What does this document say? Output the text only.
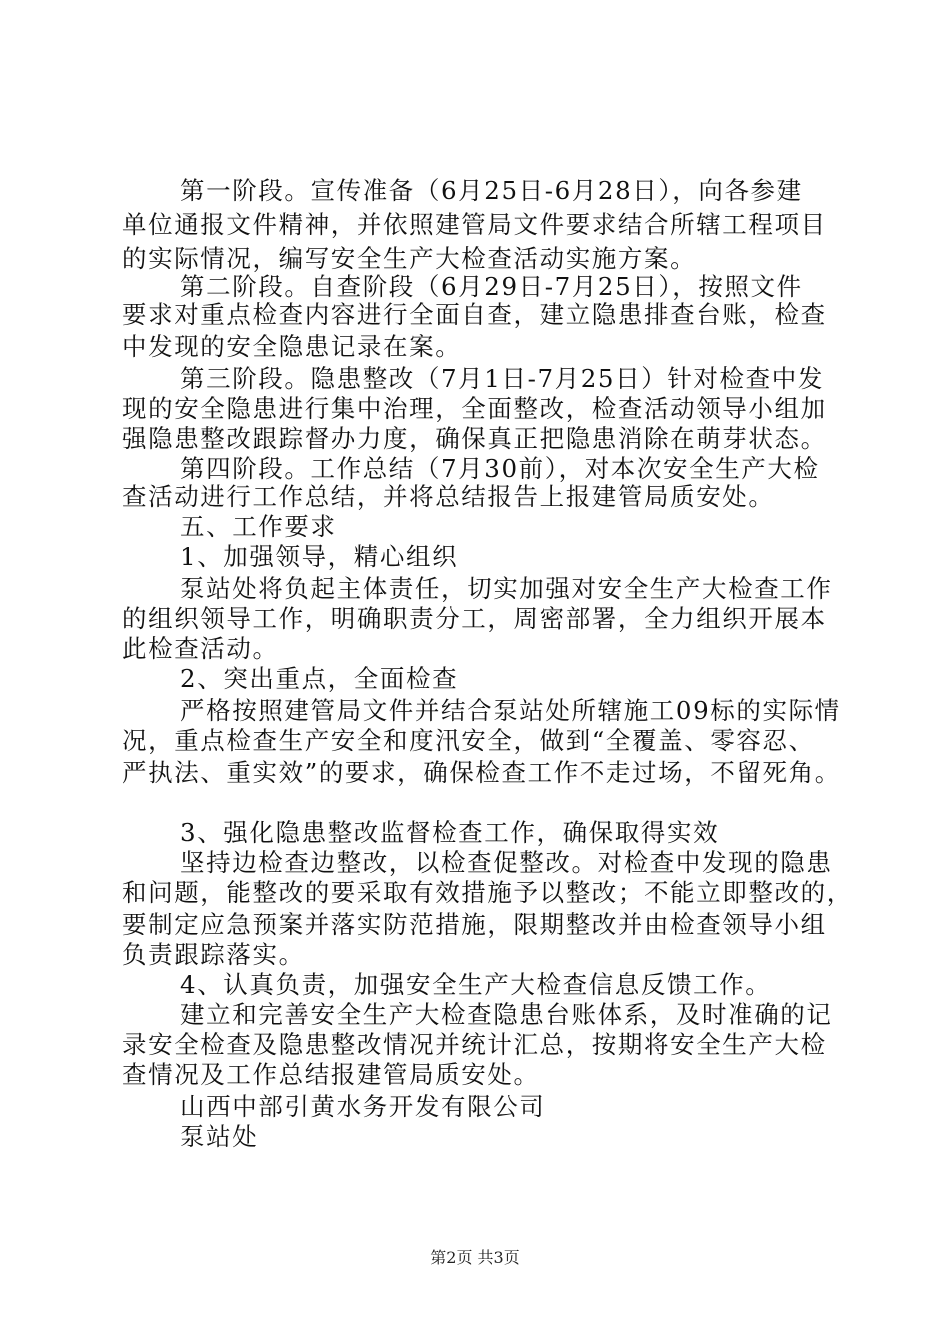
第一阶段。宣传准备（6月25日-6月28日），向各参建
单位通报文件精神，并依照建管局文件要求结合所辖工程项目
的实际情况，编写安全生产大检查活动实施方案。
第二阶段。自查阶段（6月29日-7月25日），按照文件
要求对重点检查内容进行全面自查，建立隐患排查台账，检查
中发现的安全隐患记录在案。
第三阶段。隐患整改（7月1日-7月25日）针对检查中发
现的安全隐患进行集中治理，全面整改，检查活动领导小组加
强隐患整改跟踪督办力度，确保真正把隐患消除在萌芽状态。
第四阶段。工作总结（7月30前），对本次安全生产大检
查活动进行工作总结，并将总结报告上报建管局质安处。
五、工作要求
1、加强领导，精心组织
泵站处将负起主体责任，切实加强对安全生产大检查工作
的组织领导工作，明确职责分工，周密部署，全力组织开展本
此检查活动。
2、突出重点，全面检查
严格按照建管局文件并结合泵站处所辖施工09标的实际情
况，重点检查生产安全和度汛安全，做到“全覆盖、零容忍、
严执法、重实效”的要求，确保检查工作不走过场，不留死角。
3、强化隐患整改监督检查工作，确保取得实效
坚持边检查边整改，以检查促整改。对检查中发现的隐患
和问题，能整改的要采取有效措施予以整改；不能立即整改的，
要制定应急预案并落实防范措施，限期整改并由检查领导小组
负责跟踪落实。
4、认真负责，加强安全生产大检查信息反馈工作。
建立和完善安全生产大检查隐患台账体系，及时准确的记
录安全检查及隐患整改情况并统计汇总，按期将安全生产大检
查情况及工作总结报建管局质安处。
山西中部引黄水务开发有限公司
泵站处
第2页 共3页
